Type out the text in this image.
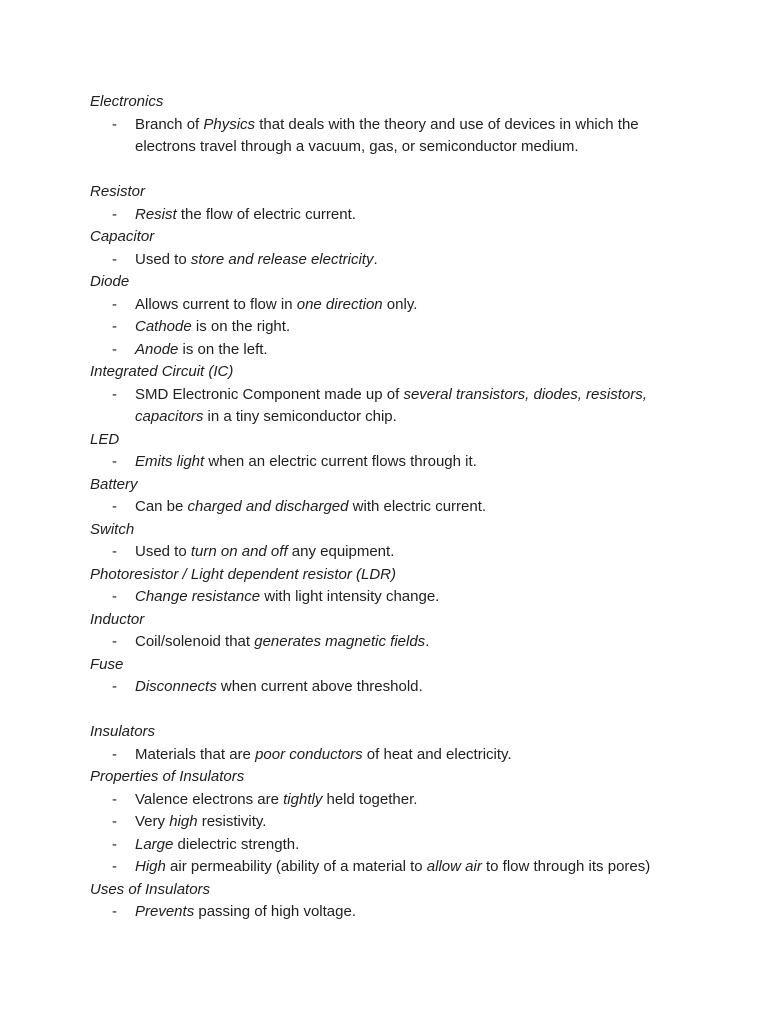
Electronics

- Branch of Physics that deals with the theory and use of devices in which the electrons travel through a vacuum, gas, or semiconductor medium.

Resistor

- Resist the flow of electric current.

Capacitor

- Used to store and release electricity.

Diode

- Allows current to flow in one direction only.

- Cathode is on the right.

- Anode is on the left.

Integrated Circuit (IC)

- SMD Electronic Component made up of several transistors, diodes, resistors, capacitors in a tiny semiconductor chip.

LED

- Emits light when an electric current flows through it.

Battery

- Can be charged and discharged with electric current.

Switch

- Used to turn on and off any equipment.

Photoresistor / Light dependent resistor (LDR)

- Change resistance with light intensity change.

Inductor

- Coil/solenoid that generates magnetic fields.

Fuse

- Disconnects when current above threshold.

Insulators

- Materials that are poor conductors of heat and electricity.

Properties of Insulators

- Valence electrons are tightly held together.

- Very high resistivity.

- Large dielectric strength.

- High air permeability (ability of a material to allow air to flow through its pores)

Uses of Insulators

- Prevents passing of high voltage.
